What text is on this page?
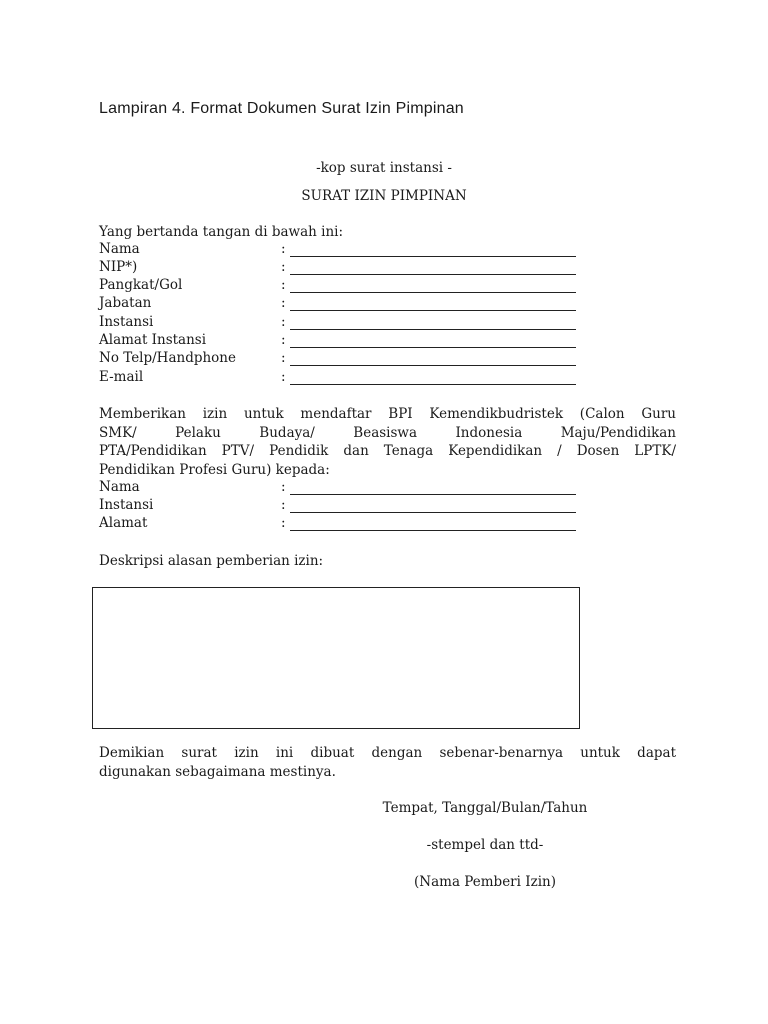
Lampiran 4. Format Dokumen Surat Izin Pimpinan
-kop surat instansi -
SURAT IZIN PIMPINAN
Yang bertanda tangan di bawah ini:
Nama	:
NIP*)	:
Pangkat/Gol	:
Jabatan	:
Instansi	:
Alamat Instansi	:
No Telp/Handphone	:
E-mail	:
Memberikan izin untuk mendaftar BPI Kemendikbudristek (Calon Guru
SMK/ Pelaku Budaya/ Beasiswa Indonesia Maju/Pendidikan
PTA/Pendidikan PTV/ Pendidik dan Tenaga Kependidikan / Dosen LPTK/
Pendidikan Profesi Guru) kepada:
Nama	:
Instansi	:
Alamat	:
Deskripsi alasan pemberian izin:
Demikian surat izin ini dibuat dengan sebenar-benarnya untuk dapat
digunakan sebagaimana mestinya.
Tempat, Tanggal/Bulan/Tahun
-stempel dan ttd-
(Nama Pemberi Izin)
